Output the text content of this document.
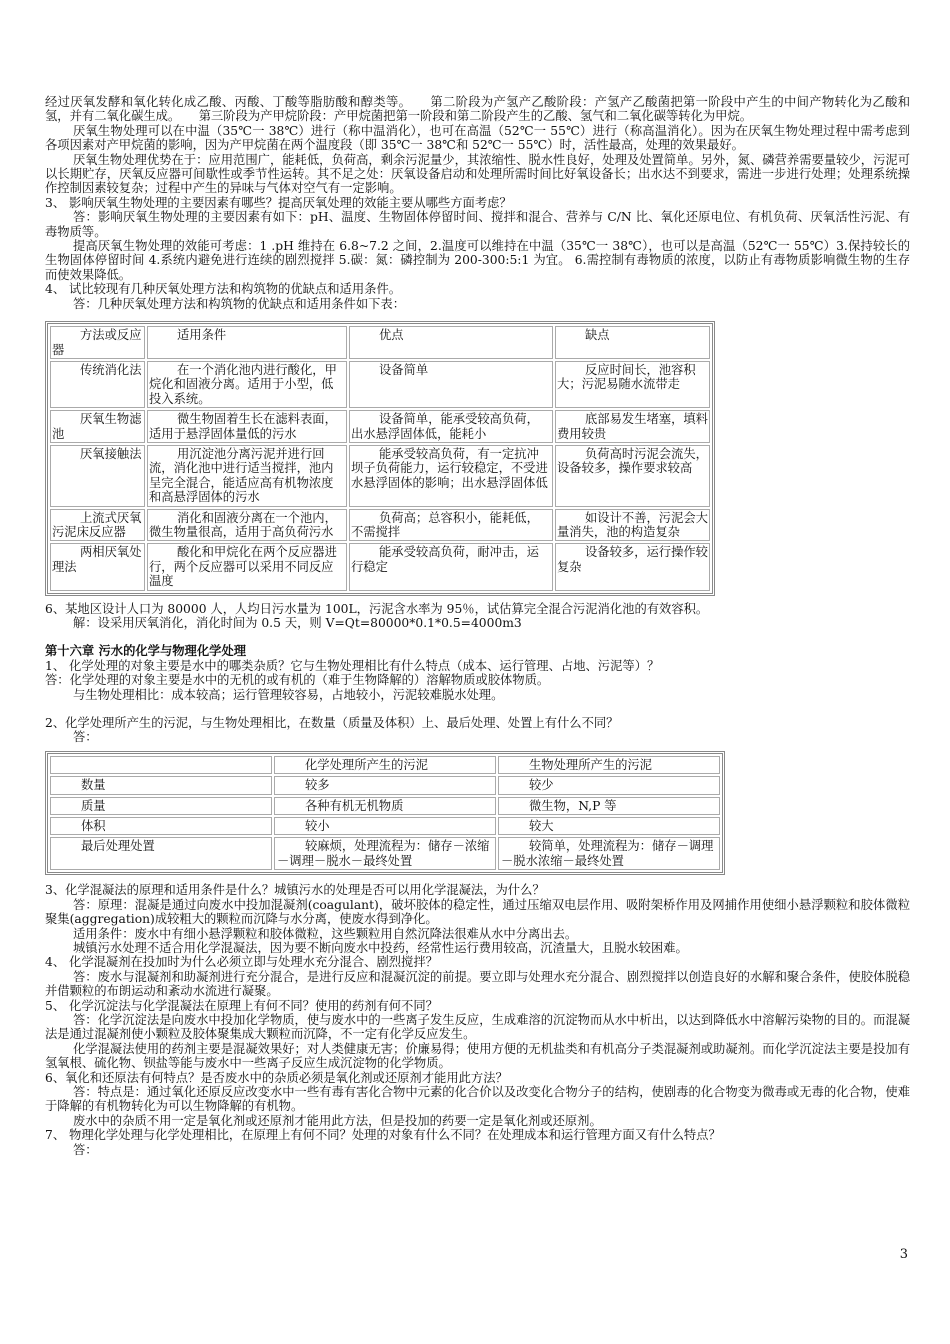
经过厌氧发酵和氧化转化成乙酸、丙酸、丁酸等脂肪酸和醇类等。　　第二阶段为产氢产乙酸阶段：产氢产乙酸菌把第一阶段中产生的中间产物转化为乙酸和氢，并有二氧化碳生成。　　第三阶段为产甲烷阶段：产甲烷菌把第一阶段和第二阶段产生的乙酸、氢气和二氧化碳等转化为甲烷。

厌氧生物处理可以在中温（35℃一 38℃）进行（称中温消化），也可在高温（52℃一 55℃）进行（称高温消化）。因为在厌氧生物处理过程中需考虑到各项因素对产甲烷菌的影响，因为产甲烷菌在两个温度段（即 35℃一 38℃和 52℃一 55℃）时，活性最高，处理的效果最好。

厌氧生物处理优势在于：应用范围广，能耗低，负荷高，剩余污泥量少，其浓缩性、脱水性良好，处理及处置简单。另外，氮、磷营养需要量较少，污泥可以长期贮存，厌氧反应器可间歇性或季节性运转。其不足之处：厌氧设备启动和处理所需时间比好氧设备长；出水达不到要求，需进一步进行处理；处理系统操作控制因素较复杂；过程中产生的异味与气体对空气有一定影响。

3、 影响厌氧生物处理的主要因素有哪些？提高厌氧处理的效能主要从哪些方面考虑？

答：影响厌氧生物处理的主要因素有如下：pH、温度、生物固体停留时间、搅拌和混合、营养与 C/N 比、氧化还原电位、有机负荷、厌氧活性污泥、有毒物质等。

提高厌氧生物处理的效能可考虑：1 .pH 维持在 6.8~7.2 之间，2.温度可以维持在中温（35℃一 38℃），也可以是高温（52℃一 55℃）3.保持较长的生物固体停留时间 4.系统内避免进行连续的剧烈搅拌 5.碳：氮：磷控制为 200-300:5:1 为宜。 6.需控制有毒物质的浓度，以防止有毒物质影响微生物的生存而使效果降低。

4、 试比较现有几种厌氧处理方法和构筑物的优缺点和适用条件。

答：几种厌氧处理方法和构筑物的优缺点和适用条件如下表：

方法或反应器	适用条件	优点	缺点
传统消化法	在一个消化池内进行酸化，甲烷化和固液分离。适用于小型，低投入系统。	设备简单	反应时间长，池容积大；污泥易随水流带走
厌氧生物滤池	微生物固着生长在滤料表面，适用于悬浮固体量低的污水	设备简单，能承受较高负荷，出水悬浮固体低，能耗小	底部易发生堵塞，填料费用较贵
厌氧接触法	用沉淀池分离污泥并进行回流，消化池中进行适当搅拌，池内呈完全混合，能适应高有机物浓度和高悬浮固体的污水	能承受较高负荷，有一定抗冲坝子负荷能力，运行较稳定，不受进水悬浮固体的影响；出水悬浮固体低	负荷高时污泥会流失，设备较多，操作要求较高
上流式厌氧污泥床反应器	消化和固液分离在一个池内，微生物量很高，适用于高负荷污水	负荷高；总容积小，能耗低，不需搅拌	如设计不善，污泥会大量消失，池的构造复杂
两相厌氧处理法	酸化和甲烷化在两个反应器进行，两个反应器可以采用不同反应温度	能承受较高负荷，耐冲击，运行稳定	设备较多，运行操作较复杂

6、某地区设计人口为 80000 人，人均日污水量为 100L，污泥含水率为 95％，试估算完全混合污泥消化池的有效容积。

解：设采用厌氧消化，消化时间为 0.5 天，则 V=Qt=80000*0.1*0.5=4000m3

第十六章 污水的化学与物理化学处理

1、 化学处理的对象主要是水中的哪类杂质？它与生物处理相比有什么特点（成本、运行管理、占地、污泥等）？

答：化学处理的对象主要是水中的无机的或有机的（难于生物降解的）溶解物质或胶体物质。

与生物处理相比：成本较高；运行管理较容易，占地较小，污泥较难脱水处理。

2、化学处理所产生的污泥，与生物处理相比，在数量（质量及体积）上、最后处理、处置上有什么不同？

答：

	化学处理所产生的污泥	生物处理所产生的污泥
数量	较多	较少
质量	各种有机无机物质	微生物，N,P 等
体积	较小	较大
最后处理处置	较麻烦，处理流程为：储存－浓缩－调理－脱水－最终处置	较简单，处理流程为：储存－调理－脱水浓缩－最终处置

3、化学混凝法的原理和适用条件是什么？城镇污水的处理是否可以用化学混凝法，为什么？

答：原理：混凝是通过向废水中投加混凝剂(coagulant)，破坏胶体的稳定性，通过压缩双电层作用、吸附架桥作用及网捕作用使细小悬浮颗粒和胶体微粒聚集(aggregation)成较粗大的颗粒而沉降与水分离，使废水得到净化。

适用条件：废水中有细小悬浮颗粒和胶体微粒，这些颗粒用自然沉降法很难从水中分离出去。

城镇污水处理不适合用化学混凝法，因为要不断向废水中投药，经常性运行费用较高，沉渣量大，且脱水较困难。

4、 化学混凝剂在投加时为什么必须立即与处理水充分混合、剧烈搅拌？

答：废水与混凝剂和助凝剂进行充分混合，是进行反应和混凝沉淀的前提。要立即与处理水充分混合、剧烈搅拌以创造良好的水解和聚合条件，使胶体脱稳并借颗粒的布朗运动和紊动水流进行凝聚。

5、 化学沉淀法与化学混凝法在原理上有何不同？使用的药剂有何不同？

答：化学沉淀法是向废水中投加化学物质，使与废水中的一些离子发生反应，生成难溶的沉淀物而从水中析出，以达到降低水中溶解污染物的目的。而混凝法是通过混凝剂使小颗粒及胶体聚集成大颗粒而沉降，不一定有化学反应发生。

化学混凝法使用的药剂主要是混凝效果好；对人类健康无害；价廉易得；使用方便的无机盐类和有机高分子类混凝剂或助凝剂。而化学沉淀法主要是投加有氢氧根、硫化物、钡盐等能与废水中一些离子反应生成沉淀物的化学物质。

6、氧化和还原法有何特点？是否废水中的杂质必须是氧化剂或还原剂才能用此方法？

答：特点是：通过氧化还原反应改变水中一些有毒有害化合物中元素的化合价以及改变化合物分子的结构，使剧毒的化合物变为微毒或无毒的化合物，使难于降解的有机物转化为可以生物降解的有机物。

废水中的杂质不用一定是氧化剂或还原剂才能用此方法，但是投加的药要一定是氧化剂或还原剂。

7、 物理化学处理与化学处理相比，在原理上有何不同？处理的对象有什么不同？在处理成本和运行管理方面又有什么特点？

答：

3
